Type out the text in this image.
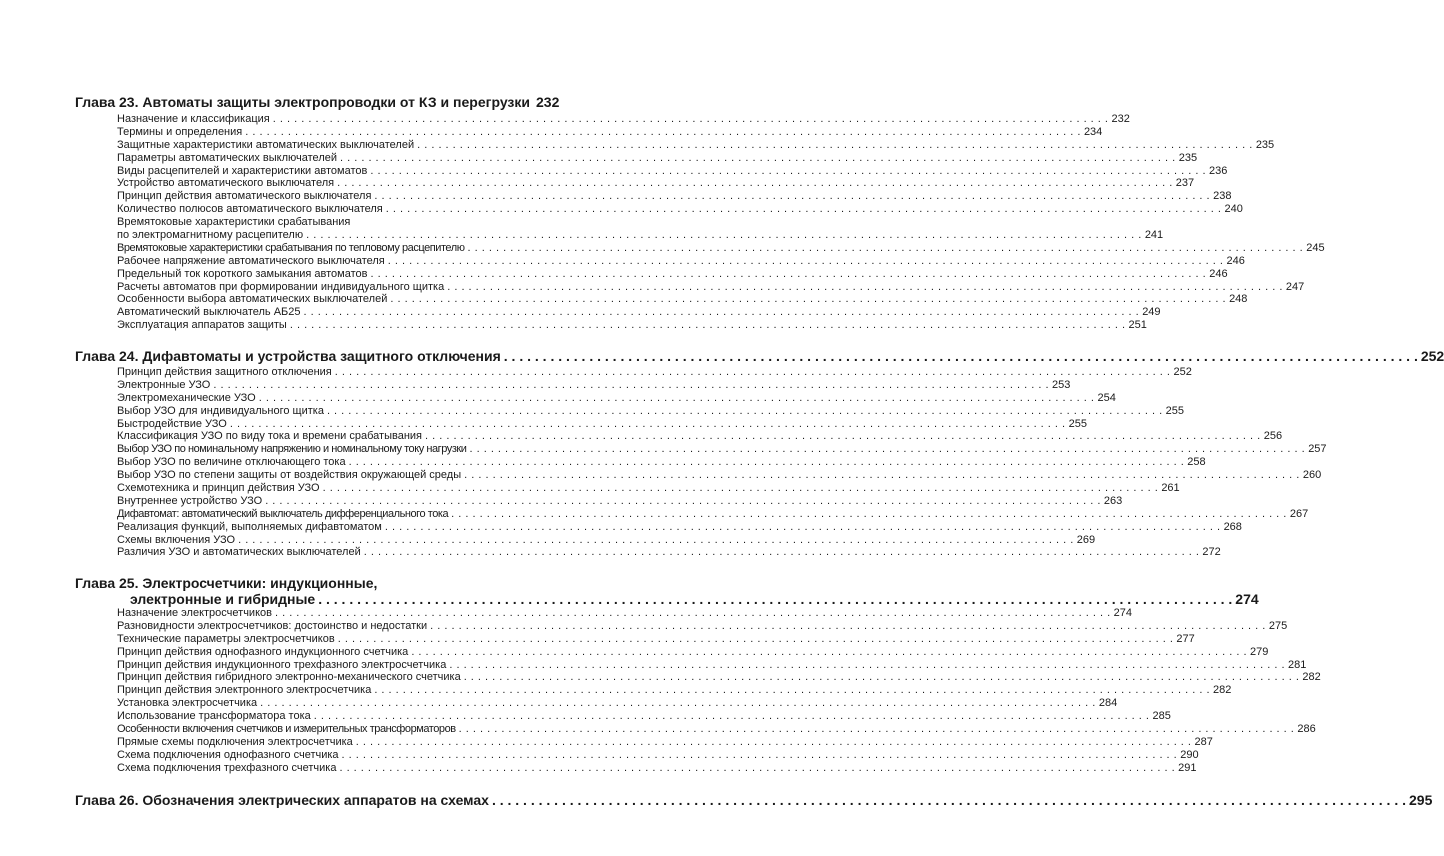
Глава 23. Автоматы защиты электропроводки от КЗ и перегрузки 232
Назначение и классификация . . .	232
Термины и определения . . .	234
Защитные характеристики автоматических выключателей . . .	235
Параметры автоматических выключателей . . .	235
Виды расцепителей и характеристики автоматов . . .	236
Устройство автоматического выключателя . . .	237
Принцип действия автоматического выключателя . . .	238
Количество полюсов автоматического выключателя . . .	240
Времятоковые характеристики срабатывания
по электромагнитному расцепителю . . .	241
Времятоковые характеристики срабатывания по тепловому расцепителю . . .	245
Рабочее напряжение автоматического выключателя . . .	246
Предельный ток короткого замыкания автоматов . . .	246
Расчеты автоматов при формировании индивидуального щитка . . .	247
Особенности выбора автоматических выключателей . . .	248
Автоматический выключатель АБ25 . . .	249
Эксплуатация аппаратов защиты . . .	251
Глава 24. Дифавтоматы и устройства защитного отключения . . .	252
Принцип действия защитного отключения . . .	252
Электронные УЗО . . .	253
Электромеханические УЗО . . .	254
Выбор УЗО для индивидуального щитка . . .	255
Быстродействие УЗО . . .	255
Классификация УЗО по виду тока и времени срабатывания . . .	256
Выбор УЗО по номинальному напряжению и номинальному току нагрузки . . .	257
Выбор УЗО по величине отключающего тока . . .	258
Выбор УЗО по степени защиты от воздействия окружающей среды . . .	260
Схемотехника и принцип действия УЗО . . .	261
Внутреннее устройство УЗО . . .	263
Дифавтомат: автоматический выключатель дифференциального тока . . .	267
Реализация функций, выполняемых дифавтоматом . . .	268
Схемы включения УЗО . . .	269
Различия УЗО и автоматических выключателей . . .	272
Глава 25. Электросчетчики: индукционные,
электронные и гибридные . . .	274
Назначение электросчетчиков . . .	274
Разновидности электросчетчиков: достоинство и недостатки . . .	275
Технические параметры электросчетчиков . . .	277
Принцип действия однофазного индукционного счетчика . . .	279
Принцип действия индукционного трехфазного электросчетчика . . .	281
Принцип действия гибридного электронно-механического счетчика . . .	282
Принцип действия электронного электросчетчика . . .	282
Установка электросчетчика . . .	284
Использование трансформатора тока . . .	285
Особенности включения счетчиков и измерительных трансформаторов . . .	286
Прямые схемы подключения электросчетчика . . .	287
Схема подключения однофазного счетчика . . .	290
Схема подключения трехфазного счетчика . . .	291
Глава 26. Обозначения электрических аппаратов на схемах . . .	295
